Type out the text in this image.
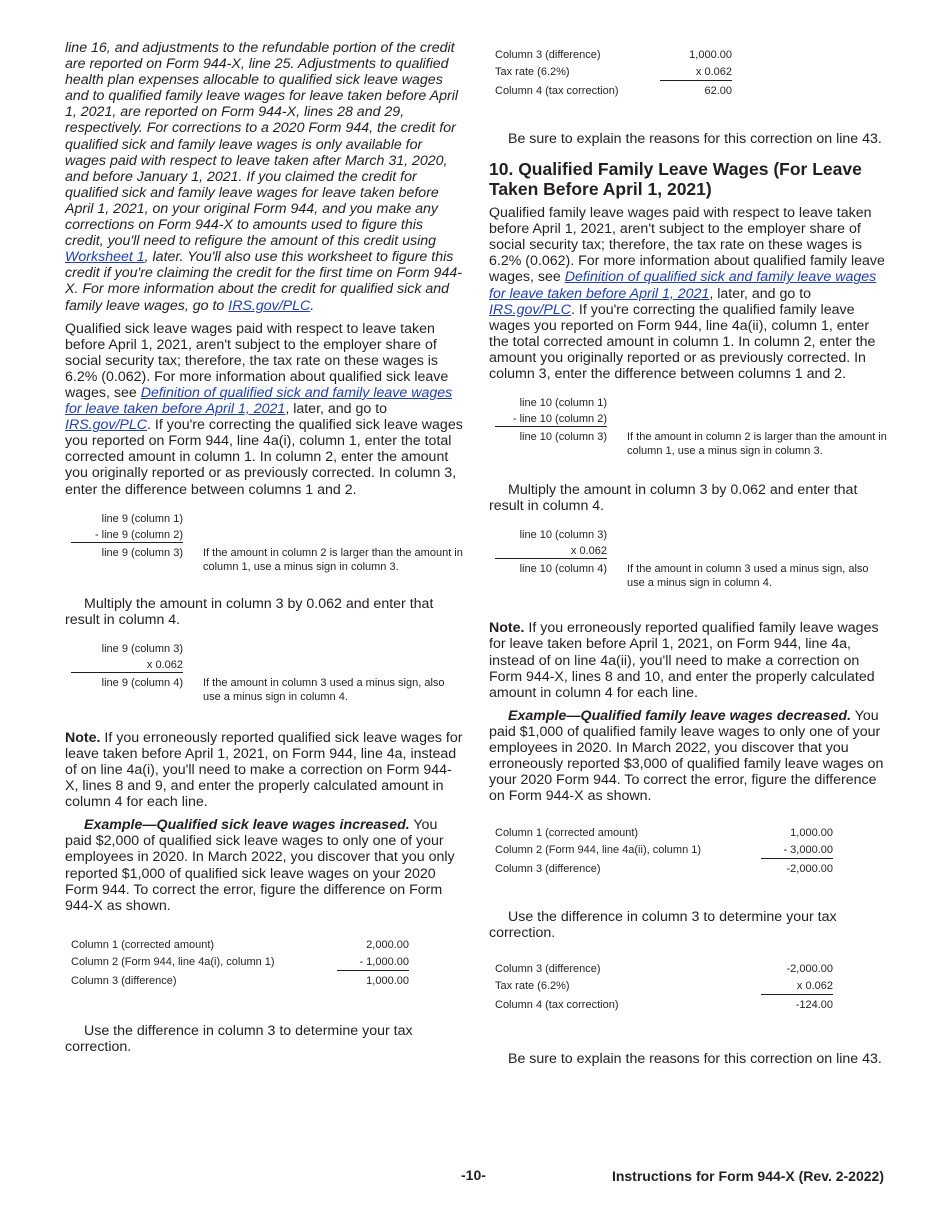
line 16, and adjustments to the refundable portion of the credit are reported on Form 944-X, line 25. Adjustments to qualified health plan expenses allocable to qualified sick leave wages and to qualified family leave wages for leave taken before April 1, 2021, are reported on Form 944-X, lines 28 and 29, respectively. For corrections to a 2020 Form 944, the credit for qualified sick and family leave wages is only available for wages paid with respect to leave taken after March 31, 2020, and before January 1, 2021. If you claimed the credit for qualified sick and family leave wages for leave taken before April 1, 2021, on your original Form 944, and you make any corrections on Form 944-X to amounts used to figure this credit, you'll need to refigure the amount of this credit using Worksheet 1, later. You'll also use this worksheet to figure this credit if you're claiming the credit for the first time on Form 944-X. For more information about the credit for qualified sick and family leave wages, go to IRS.gov/PLC.

Qualified sick leave wages paid with respect to leave taken before April 1, 2021, aren't subject to the employer share of social security tax; therefore, the tax rate on these wages is 6.2% (0.062). For more information about qualified sick leave wages, see Definition of qualified sick and family leave wages for leave taken before April 1, 2021, later, and go to IRS.gov/PLC. If you're correcting the qualified sick leave wages you reported on Form 944, line 4a(i), column 1, enter the total corrected amount in column 1. In column 2, enter the amount you originally reported or as previously corrected. In column 3, enter the difference between columns 1 and 2.

line 9 (column 1)
- line 9 (column 2)
line 9 (column 3) If the amount in column 2 is larger than the amount in column 1, use a minus sign in column 3.

Multiply the amount in column 3 by 0.062 and enter that result in column 4.

line 9 (column 3)
x 0.062
line 9 (column 4) If the amount in column 3 used a minus sign, also use a minus sign in column 4.

Note. If you erroneously reported qualified sick leave wages for leave taken before April 1, 2021, on Form 944, line 4a, instead of on line 4a(i), you'll need to make a correction on Form 944-X, lines 8 and 9, and enter the properly calculated amount in column 4 for each line.

Example—Qualified sick leave wages increased. You paid $2,000 of qualified sick leave wages to only one of your employees in 2020. In March 2022, you discover that you only reported $1,000 of qualified sick leave wages on your 2020 Form 944. To correct the error, figure the difference on Form 944-X as shown.

Column 1 (corrected amount)	2,000.00
Column 2 (Form 944, line 4a(i), column 1)	- 1,000.00
Column 3 (difference)	1,000.00

Use the difference in column 3 to determine your tax correction.

Column 3 (difference)	1,000.00
Tax rate (6.2%)	x 0.062
Column 4 (tax correction)	62.00

Be sure to explain the reasons for this correction on line 43.

10. Qualified Family Leave Wages (For Leave Taken Before April 1, 2021)

Qualified family leave wages paid with respect to leave taken before April 1, 2021, aren't subject to the employer share of social security tax; therefore, the tax rate on these wages is 6.2% (0.062). For more information about qualified family leave wages, see Definition of qualified sick and family leave wages for leave taken before April 1, 2021, later, and go to IRS.gov/PLC. If you're correcting the qualified family leave wages you reported on Form 944, line 4a(ii), column 1, enter the total corrected amount in column 1. In column 2, enter the amount you originally reported or as previously corrected. In column 3, enter the difference between columns 1 and 2.

line 10 (column 1)
- line 10 (column 2)
line 10 (column 3) If the amount in column 2 is larger than the amount in column 1, use a minus sign in column 3.

Multiply the amount in column 3 by 0.062 and enter that result in column 4.

line 10 (column 3)
x 0.062
line 10 (column 4) If the amount in column 3 used a minus sign, also use a minus sign in column 4.

Note. If you erroneously reported qualified family leave wages for leave taken before April 1, 2021, on Form 944, line 4a, instead of on line 4a(ii), you'll need to make a correction on Form 944-X, lines 8 and 10, and enter the properly calculated amount in column 4 for each line.

Example—Qualified family leave wages decreased. You paid $1,000 of qualified family leave wages to only one of your employees in 2020. In March 2022, you discover that you erroneously reported $3,000 of qualified family leave wages on your 2020 Form 944. To correct the error, figure the difference on Form 944-X as shown.

Column 1 (corrected amount)	1,000.00
Column 2 (Form 944, line 4a(ii), column 1)	- 3,000.00
Column 3 (difference)	-2,000.00

Use the difference in column 3 to determine your tax correction.

Column 3 (difference)	-2,000.00
Tax rate (6.2%)	x 0.062
Column 4 (tax correction)	-124.00

Be sure to explain the reasons for this correction on line 43.

-10-	Instructions for Form 944-X (Rev. 2-2022)
